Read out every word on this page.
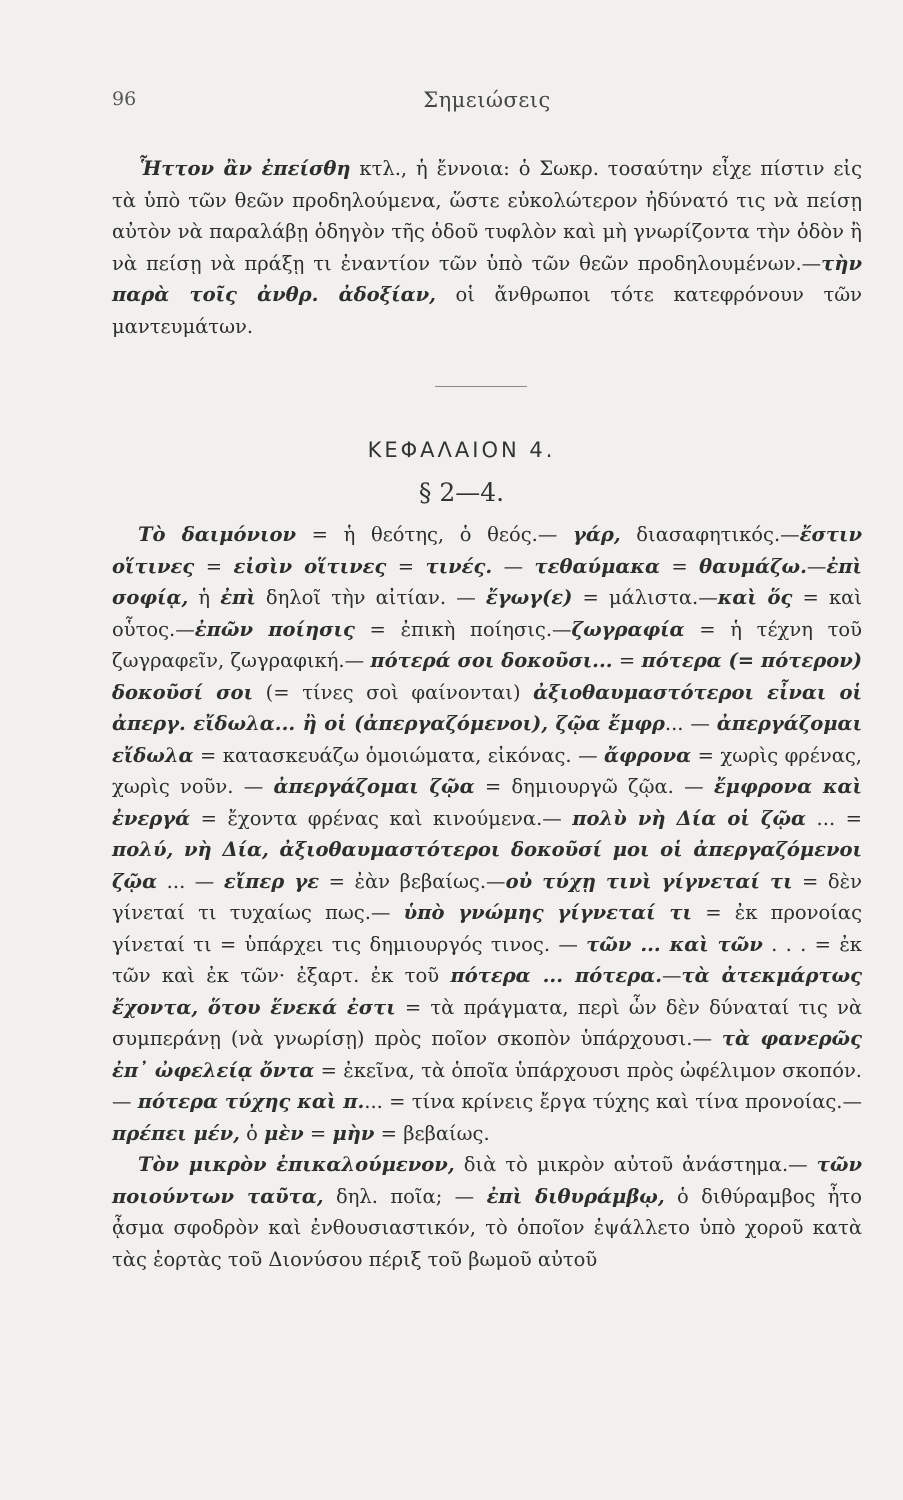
96	Σημειώσεις

Ἧττον ἂν ἐπείσθη κτλ., ἡ ἔννοια: ὁ Σωκρ. τοσαύτην εἶχε πίστιν εἰς τὰ ὑπὸ τῶν θεῶν προδηλούμενα, ὥστε εὐκολώτερον ἠδύνατό τις νὰ πείσῃ αὐτὸν νὰ παραλάβῃ ὁδηγὸν τῆς ὁδοῦ τυφλὸν καὶ μὴ γνωρίζοντα τὴν ὁδὸν ἢ νὰ πείσῃ νὰ πράξῃ τι ἐναντίον τῶν ὑπὸ τῶν θεῶν προδηλουμένων.—τὴν παρὰ τοῖς ἀνθρ. ἀδοξίαν, οἱ ἄνθρωποι τότε κατεφρόνουν τῶν μαντευμάτων.

ΚΕΦΑΛΑΙΟΝ 4.
§ 2—4.

Τὸ δαιμόνιον = ἡ θεότης, ὁ θεός.— γάρ, διασαφητικός.—ἔστιν οἵτινες = εἰσὶν οἵτινες = τινές. — τεθαύμακα = θαυμάζω.—ἐπὶ σοφίᾳ, ἡ ἐπὶ δηλοῖ τὴν αἰτίαν. — ἔγωγ(ε) = μάλιστα.—καὶ ὅς = καὶ οὗτος.—ἐπῶν ποίησις = ἐπικὴ ποίησις.—ζωγραφία = ἡ τέχνη τοῦ ζωγραφεῖν, ζωγραφική.— πότερά σοι δοκοῦσι... = πότερα (= πότερον) δοκοῦσί σοι (= τίνες σοὶ φαίνονται) ἀξιοθαυμαστότεροι εἶναι οἱ ἀπεργ. εἴδωλα... ἢ οἱ (ἀπεργαζόμενοι), ζῷα ἔμφρ... — ἀπεργάζομαι εἴδωλα = κατασκευάζω ὁμοιώματα, εἰκόνας. — ἄφρονα = χωρὶς φρένας, χωρὶς νοῦν. — ἀπεργάζομαι ζῷα = δημιουργῶ ζῷα. — ἔμφρονα καὶ ἐνεργά = ἔχοντα φρένας καὶ κινούμενα.— πολὺ νὴ Δία οἱ ζῷα ... = πολύ, νὴ Δία, ἀξιοθαυμαστότεροι δοκοῦσί μοι οἱ ἀπεργαζόμενοι ζῷα ... — εἴπερ γε = ἐὰν βεβαίως.—οὐ τύχῃ τινὶ γίγνεταί τι = δὲν γίνεταί τι τυχαίως πως.— ὑπὸ γνώμης γίγνεταί τι = ἐκ προνοίας γίνεταί τι = ὑπάρχει τις δημιουργός τινος. — τῶν ... καὶ τῶν . . . = ἐκ τῶν καὶ ἐκ τῶν· ἐξαρτ. ἐκ τοῦ πότερα ... πότερα.—τὰ ἀτεκμάρτως ἔχοντα, ὅτου ἕνεκά ἐστι = τὰ πράγματα, περὶ ὧν δὲν δύναταί τις νὰ συμπεράνῃ (νὰ γνωρίσῃ) πρὸς ποῖον σκοπὸν ὑπάρχουσι.— τὰ φανερῶς ἐπ᾽ ὠφελείᾳ ὄντα = ἐκεῖνα, τὰ ὁποῖα ὑπάρχουσι πρὸς ὠφέλιμον σκοπόν. — πότερα τύχης καὶ π.... = τίνα κρίνεις ἔργα τύχης καὶ τίνα προνοίας.—πρέπει μέν, ὁ μὲν = μὴν = βεβαίως.

Τὸν μικρὸν ἐπικαλούμενον, διὰ τὸ μικρὸν αὐτοῦ ἀνάστημα.— τῶν ποιούντων ταῦτα, δηλ. ποῖα; — ἐπὶ διθυράμβῳ, ὁ διθύραμβος ἦτο ᾆσμα σφοδρὸν καὶ ἐνθουσιαστικόν, τὸ ὁποῖον ἐψάλλετο ὑπὸ χοροῦ κατὰ τὰς ἑορτὰς τοῦ Διονύσου πέριξ τοῦ βωμοῦ αὐτοῦ
